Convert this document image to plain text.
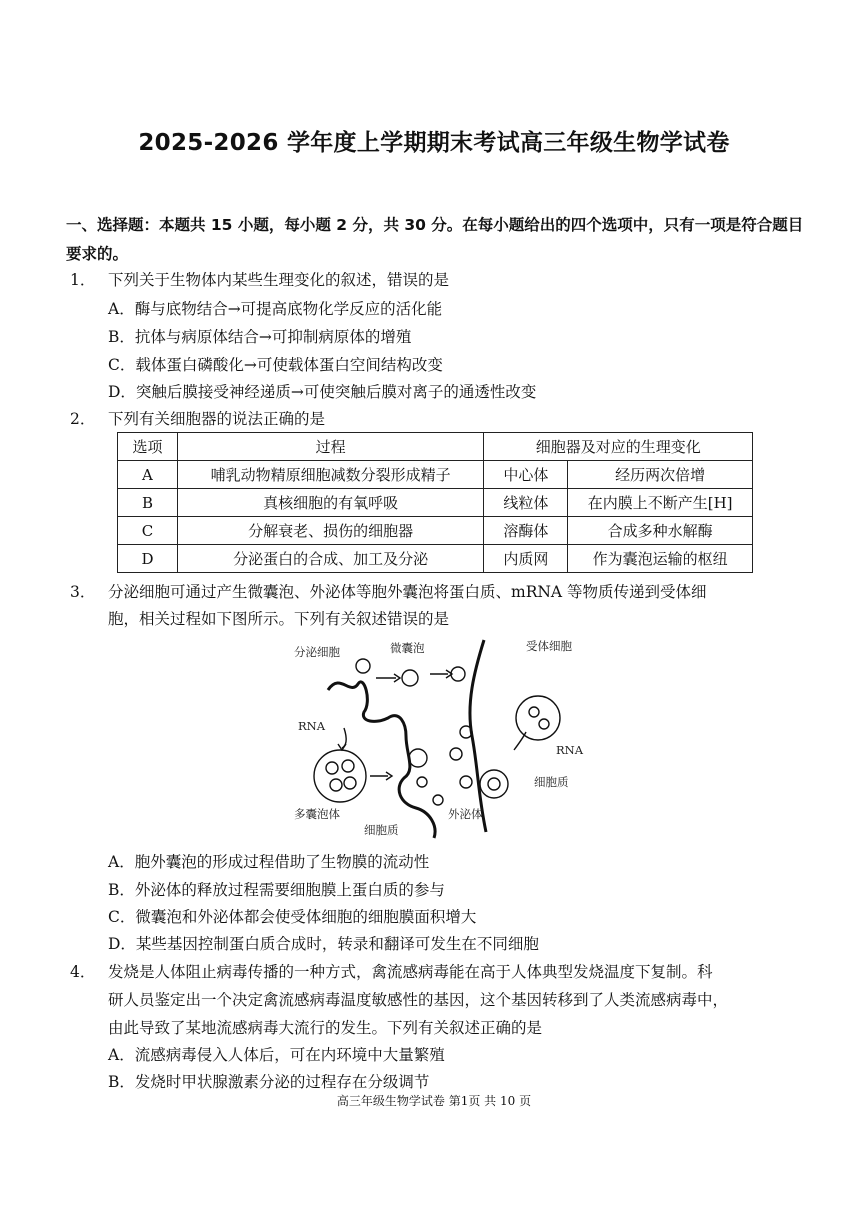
2025-2026 学年度上学期期末考试高三年级生物学试卷
一、选择题：本题共 15 小题，每小题 2 分，共 30 分。在每小题给出的四个选项中，只有一项是符合题目要求的。
1． 下列关于生物体内某些生理变化的叙述，错误的是
A．酶与底物结合→可提高底物化学反应的活化能
B．抗体与病原体结合→可抑制病原体的增殖
C．载体蛋白磷酸化→可使载体蛋白空间结构改变
D．突触后膜接受神经递质→可使突触后膜对离子的通透性改变
2． 下列有关细胞器的说法正确的是
选项	过程	细胞器及对应的生理变化	
A	哺乳动物精原细胞减数分裂形成精子	中心体	经历两次倍增
B	真核细胞的有氧呼吸	线粒体	在内膜上不断产生[H]
C	分解衰老、损伤的细胞器	溶酶体	合成多种水解酶
D	分泌蛋白的合成、加工及分泌	内质网	作为囊泡运输的枢纽
3． 分泌细胞可通过产生微囊泡、外泌体等胞外囊泡将蛋白质、mRNA 等物质传递到受体细
胞，相关过程如下图所示。下列有关叙述错误的是
分泌细胞	微囊泡	受体细胞
RNA
RNA
多囊泡体
细胞质
外泌体
细胞质
A．胞外囊泡的形成过程借助了生物膜的流动性
B．外泌体的释放过程需要细胞膜上蛋白质的参与
C．微囊泡和外泌体都会使受体细胞的细胞膜面积增大
D．某些基因控制蛋白质合成时，转录和翻译可发生在不同细胞
4． 发烧是人体阻止病毒传播的一种方式，禽流感病毒能在高于人体典型发烧温度下复制。科
研人员鉴定出一个决定禽流感病毒温度敏感性的基因，这个基因转移到了人类流感病毒中，
由此导致了某地流感病毒大流行的发生。下列有关叙述正确的是
A．流感病毒侵入人体后，可在内环境中大量繁殖
B．发烧时甲状腺激素分泌的过程存在分级调节
高三年级生物学试卷 第1页 共 10 页
